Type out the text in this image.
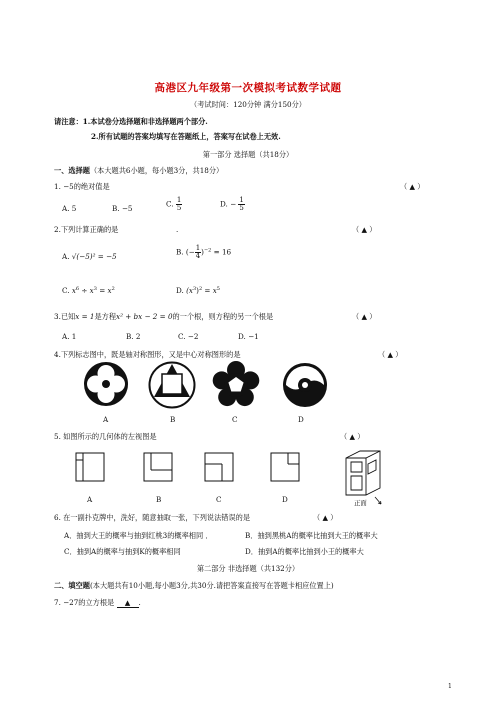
高港区九年级第一次模拟考试数学试题
（考试时间：120分钟 满分150分）
请注意：1.本试卷分选择题和非选择题两个部分.
2.所有试题的答案均填写在答题纸上，答案写在试卷上无效.
第一部分 选择题（共18分）
一、选择题（本大题共6小题，每小题3分，共18分）
1. −5的绝对值是	（ ▲ ）
A. 5	B. −5	C. $\frac{1}{5}$	D. − $\frac{1}{5}$
2.下列计算正确的是	.	（ ▲ ）
A. √(−5)² = −5	B. (− $\frac{1}{4} )^{-2} = 16$
C. $x^6 \div x^3 = x^2$	D. $(x^3)^2 = x^5$
3.已知x = 1是方程x² + bx − 2 = 0的一个根，则方程的另一个根是	（ ▲ ）
A. 1	B. 2	C. −2	D. −1
4.下列标志图中，既是轴对称图形，又是中心对称图形的是	（ ▲ ）
A	B	C	D
5. 如图所示的几何体的左视图是	（ ▲ ）
正面
A	B	C	D
6. 在一副扑克牌中，洗好，随意抽取一张，下列说法错误的是	（ ▲ ）
A．抽到大王的概率与抽到红桃3的概率相同 ．	B．抽到黑桃A的概率比抽到大王的概率大
C．抽到A的概率与抽到K的概率相同	D．抽到A的概率比抽到小王的概率大
第二部分 非选择题（共132分）
二、填空题(本大题共有10小题,每小题3分,共30分.请把答案直接写在答题卡相应位置上)
7. −27的立方根是 ▲ .
1
